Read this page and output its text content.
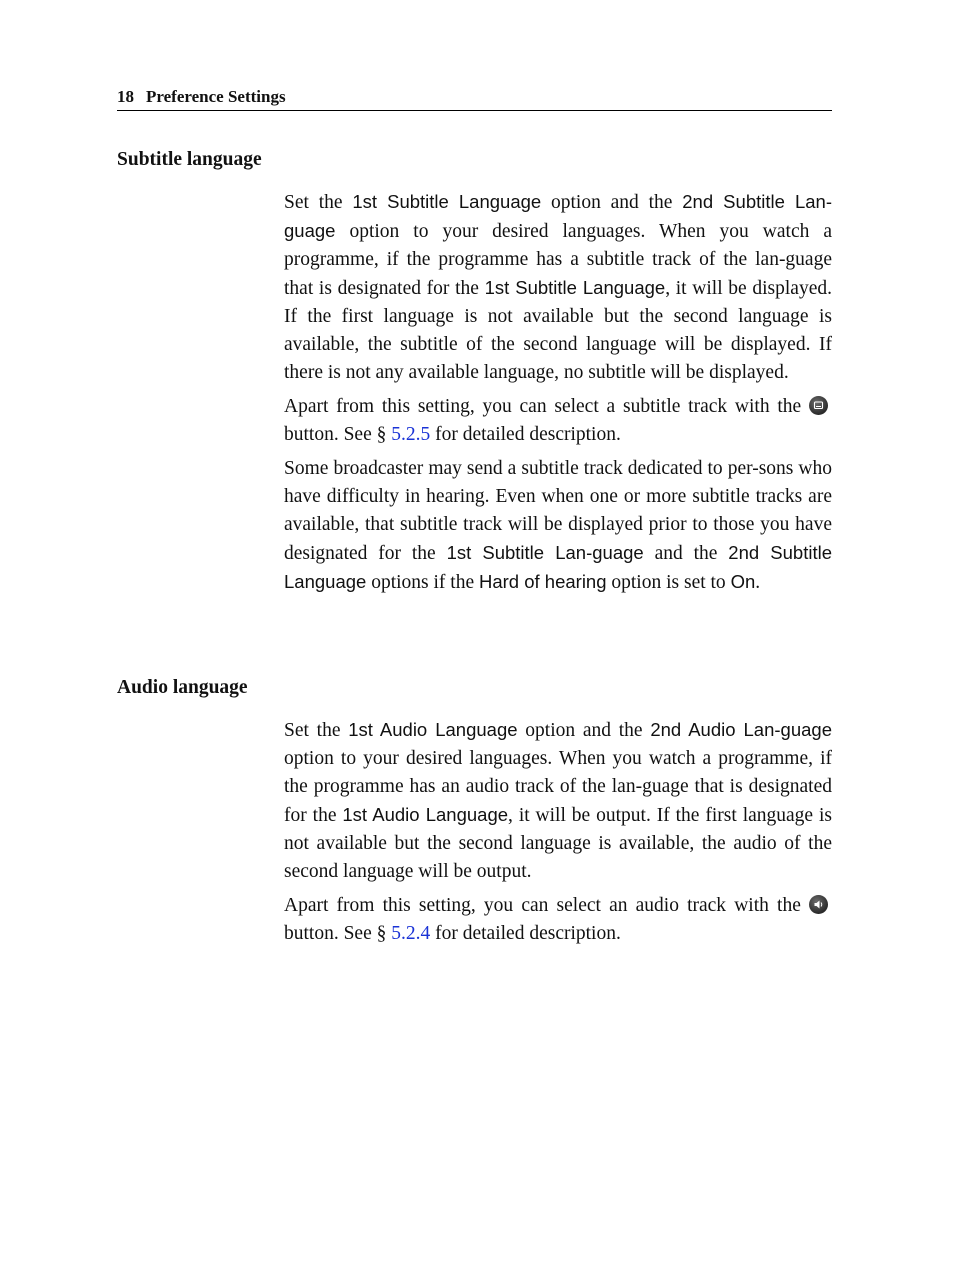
18 Preference Settings
Subtitle language

Set the 1st Subtitle Language option and the 2nd Subtitle Lan-guage option to your desired languages. When you watch a programme, if the programme has a subtitle track of the lan-guage that is designated for the 1st Subtitle Language, it will be displayed. If the first language is not available but the second language is available, the subtitle of the second language will be displayed. If there is not any available language, no subtitle will be displayed.

Apart from this setting, you can select a subtitle track with the
button. See § 5.2.5 for detailed description.

Some broadcaster may send a subtitle track dedicated to per-sons who have difficulty in hearing. Even when one or more subtitle tracks are available, that subtitle track will be displayed prior to those you have designated for the 1st Subtitle Lan-guage and the 2nd Subtitle Language options if the Hard of hearing option is set to On.

Audio language

Set the 1st Audio Language option and the 2nd Audio Lan-guage option to your desired languages. When you watch a programme, if the programme has an audio track of the lan-guage that is designated for the 1st Audio Language, it will be output. If the first language is not available but the second language is available, the audio of the second language will be output.

Apart from this setting, you can select an audio track with the
button. See § 5.2.4 for detailed description.
